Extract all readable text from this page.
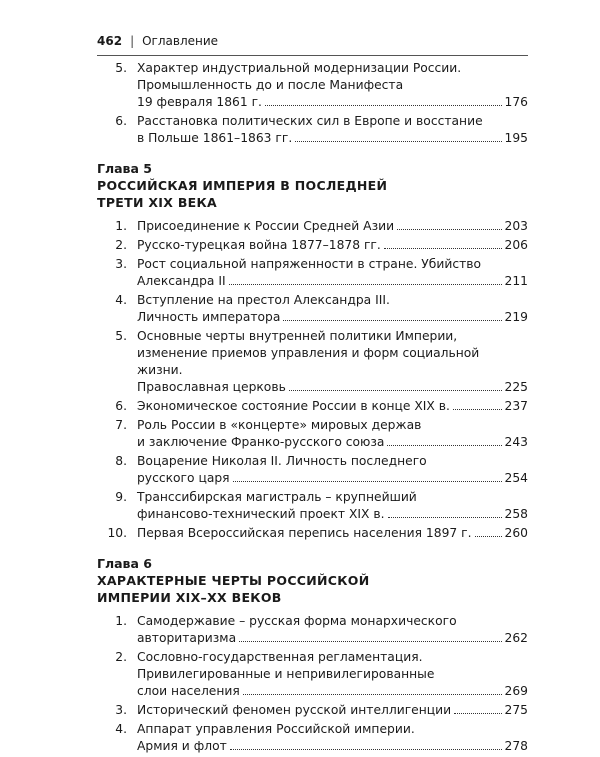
462 | Оглавление
5. Характер индустриальной модернизации России.
Промышленность до и после Манифеста
19 февраля 1861 г.	176
6. Расстановка политических сил в Европе и восстание
в Польше 1861–1863 гг.	195
Глава 5
РОССИЙСКАЯ ИМПЕРИЯ В ПОСЛЕДНЕЙ
ТРЕТИ XIX ВЕКА
1. Присоединение к России Средней Азии	203
2. Русско-турецкая война 1877–1878 гг.	206
3. Рост социальной напряженности в стране. Убийство
Александра II	211
4. Вступление на престол Александра III.
Личность императора	219
5. Основные черты внутренней политики Империи,
изменение приемов управления и форм социальной жизни.
Православная церковь	225
6. Экономическое состояние России в конце XIX в.	237
7. Роль России в «концерте» мировых держав
и заключение Франко-русского союза	243
8. Воцарение Николая II. Личность последнего
русского царя	254
9. Транссибирская магистраль – крупнейший
финансово-технический проект XIX в.	258
10. Первая Всероссийская перепись населения 1897 г.	260
Глава 6
ХАРАКТЕРНЫЕ ЧЕРТЫ РОССИЙСКОЙ
ИМПЕРИИ XIX–XX ВЕКОВ
1. Самодержавие – русская форма монархического
авторитаризма	262
2. Сословно-государственная регламентация.
Привилегированные и непривилегированные
слои населения	269
3. Исторический феномен русской интеллигенции	275
4. Аппарат управления Российской империи.
Армия и флот	278
